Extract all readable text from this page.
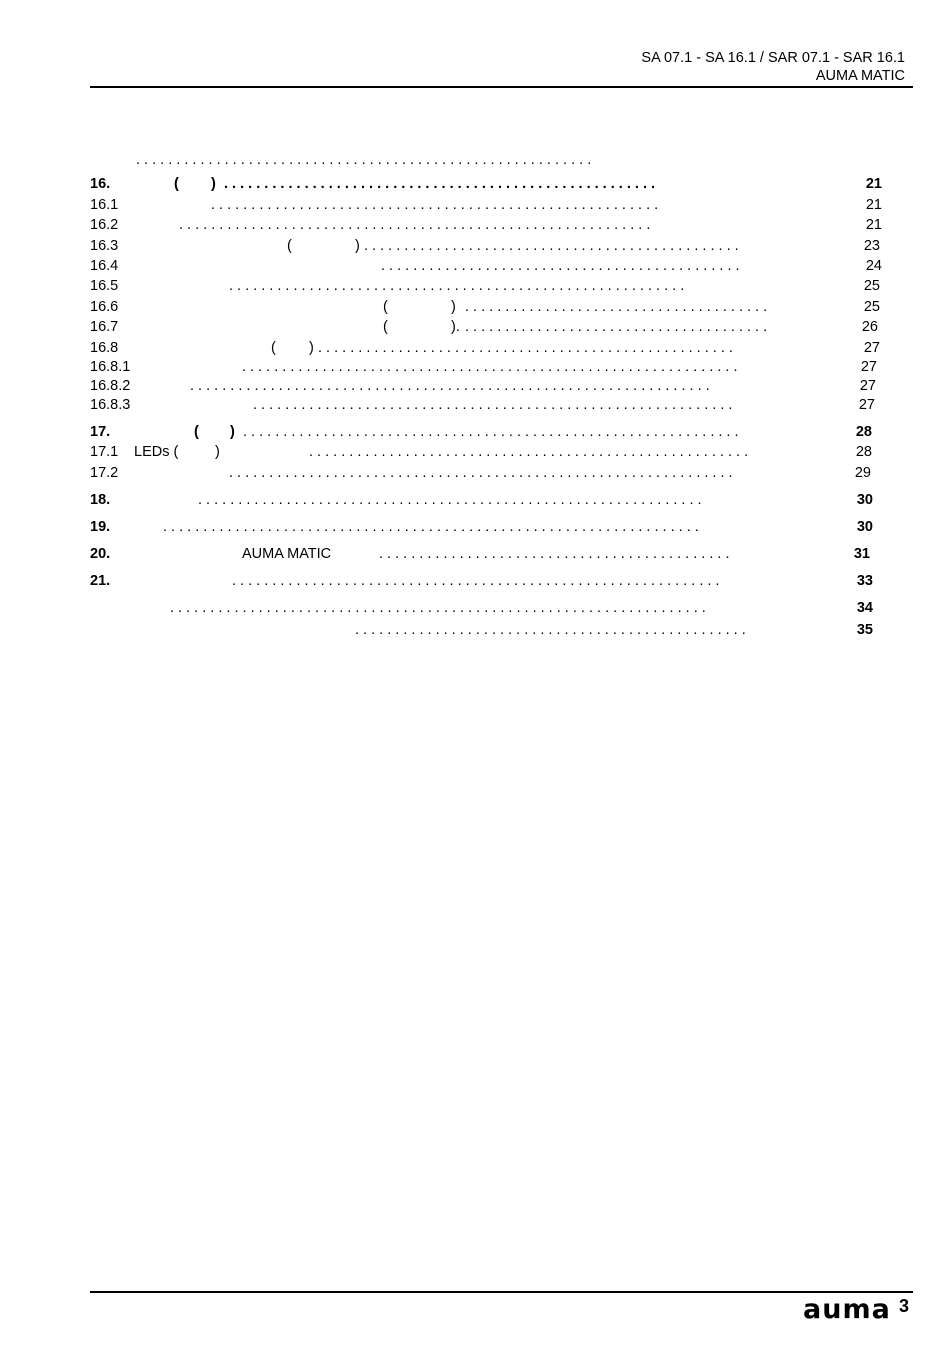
SA 07.1 - SA 16.1 / SAR 07.1 - SAR 16.1
AUMA MATIC
. . . . . . . . . . . . . . . . . . . . . . . . . . . . . . . . . . . . . . . . . . . . . . . . . . . . . . . . .
16.	( ) . . . . . . . . . . . . . . . . . . . . . . . . . . . . . . . . . . . . . . . . . . . . . . . . . . . . . .	21
16.1	. . . . . . . . . . . . . . . . . . . . . . . . . . . . . . . . . . . . . . . . . . . . . . . . . . . . . . . .	21
16.2	. . . . . . . . . . . . . . . . . . . . . . . . . . . . . . . . . . . . . . . . . . . . . . . . . . . . . . . . . . .	21
16.3	(	) . . . . . . . . . . . . . . . . . . . . . . . . . . . . . . . . . . . . . . . . . . . . . . .	23
16.4	. . . . . . . . . . . . . . . . . . . . . . . . . . . . . . . . . . . . . . . . . . . . .	24
16.5	. . . . . . . . . . . . . . . . . . . . . . . . . . . . . . . . . . . . . . . . . . . . . . . . . . . . . . . . .	25
16.6	(	) . . . . . . . . . . . . . . . . . . . . . . . . . . . . . . . . . . . . . .	25
16.7	(	). . . . . . . . . . . . . . . . . . . . . . . . . . . . . . . . . . . . . . .	26
16.8	( ) . . . . . . . . . . . . . . . . . . . . . . . . . . . . . . . . . . . . . . . . . . . . . . . . . . . .	27
16.8.1	. . . . . . . . . . . . . . . . . . . . . . . . . . . . . . . . . . . . . . . . . . . . . . . . . . . . . . . . . . . . . .	27
16.8.2	. . . . . . . . . . . . . . . . . . . . . . . . . . . . . . . . . . . . . . . . . . . . . . . . . . . . . . . . . . . . . . . . .	27
16.8.3	. . . . . . . . . . . . . . . . . . . . . . . . . . . . . . . . . . . . . . . . . . . . . . . . . . . . . . . . . . . .	27
17.	( ) . . . . . . . . . . . . . . . . . . . . . . . . . . . . . . . . . . . . . . . . . . . . . . . . . . . . . . . . . . . . . .	28
17.1 LEDs (	)	. . . . . . . . . . . . . . . . . . . . . . . . . . . . . . . . . . . . . . . . . . . . . . . . . . . . . . .	28
17.2	. . . . . . . . . . . . . . . . . . . . . . . . . . . . . . . . . . . . . . . . . . . . . . . . . . . . . . . . . . . . . . .	29
18.	. . . . . . . . . . . . . . . . . . . . . . . . . . . . . . . . . . . . . . . . . . . . . . . . . . . . . . . . . . . . . . .	30
19.	. . . . . . . . . . . . . . . . . . . . . . . . . . . . . . . . . . . . . . . . . . . . . . . . . . . . . . . . . . . . . . . . . . .	30
20.	AUMA MATIC	. . . . . . . . . . . . . . . . . . . . . . . . . . . . . . . . . . . . . . . . . . . .	31
21.	. . . . . . . . . . . . . . . . . . . . . . . . . . . . . . . . . . . . . . . . . . . . . . . . . . . . . . . . . . . . .	33
. . . . . . . . . . . . . . . . . . . . . . . . . . . . . . . . . . . . . . . . . . . . . . . . . . . . . . . . . . . . . . . . . . .	34
. . . . . . . . . . . . . . . . . . . . . . . . . . . . . . . . . . . . . . . . . . . . . . . . .	35
auma 3
